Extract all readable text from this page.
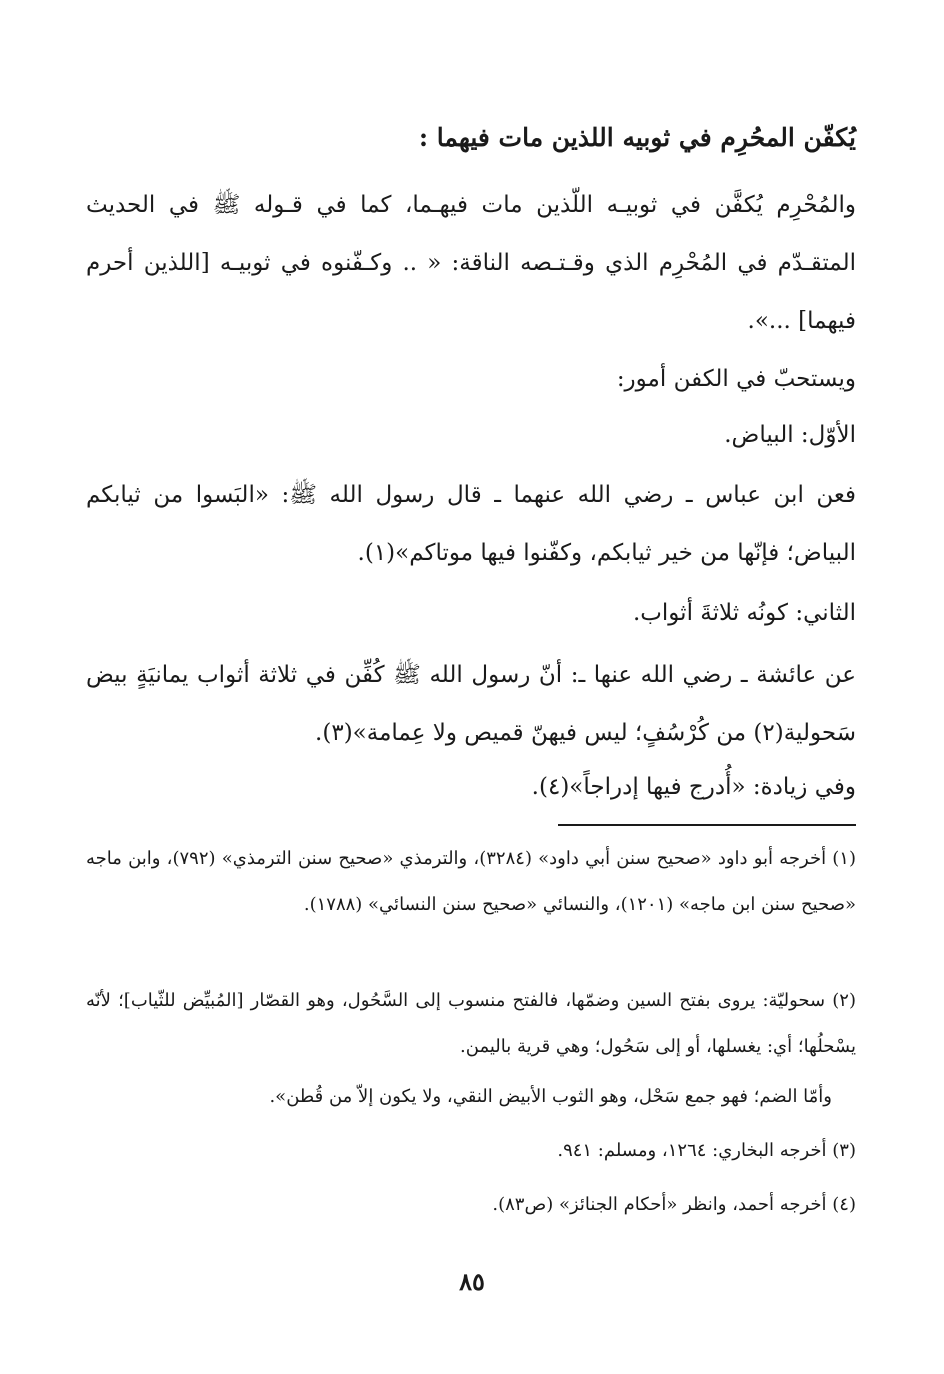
يُكفّن المحُرِم في ثوبيه اللذين مات فيهما :
والمُحْرِم يُكفَّن في ثوبيـه اللّذين مات فيهـما، كما في قـوله ﷺ في الحديث المتقـدّم في المُحْرِم الذي وقـتـصه الناقة: « .. وكـفّنوه في ثوبيـه [اللذين أحرم فيهما] ...».
ويستحبّ في الكفن أمور:
الأوّل: البياض.
فعن ابن عباس ـ رضي الله عنهما ـ قال رسول الله ﷺ: «البَسوا من ثيابكم البياض؛ فإنّها من خير ثيابكم، وكفّنوا فيها موتاكم»(١).
الثاني: كونُه ثلاثةَ أثواب.
عن عائشة ـ رضي الله عنها ـ: أنّ رسول الله ﷺ كُفِّن في ثلاثة أثواب يمانيَةٍ بيض سَحولية(٢) من كُرْسُفٍ؛ ليس فيهنّ قميص ولا عِمامة»(٣).
وفي زيادة: «أُدرج فيها إدراجاً»(٤).
(١) أخرجه أبو داود «صحيح سنن أبي داود» (٣٢٨٤)، والترمذي «صحيح سنن الترمذي» (٧٩٢)، وابن ماجه «صحيح سنن ابن ماجه» (١٢٠١)، والنسائي «صحيح سنن النسائي» (١٧٨٨).
(٢) سحوليّة: يروى بفتح السين وضمّها، فالفتح منسوب إلى السَّحُول، وهو القصّار [المُبيِّض للثّياب]؛ لأنّه يسْحلُها؛ أي: يغسلها، أو إلى سَحُول؛ وهي قرية باليمن.
وأمّا الضم؛ فهو جمع سَحْل، وهو الثوب الأبيض النقي، ولا يكون إلاّ من قُطن».
(٣) أخرجه البخاري: ١٢٦٤، ومسلم: ٩٤١.
(٤) أخرجه أحمد، وانظر «أحكام الجنائز» (ص٨٣).
٨٥
